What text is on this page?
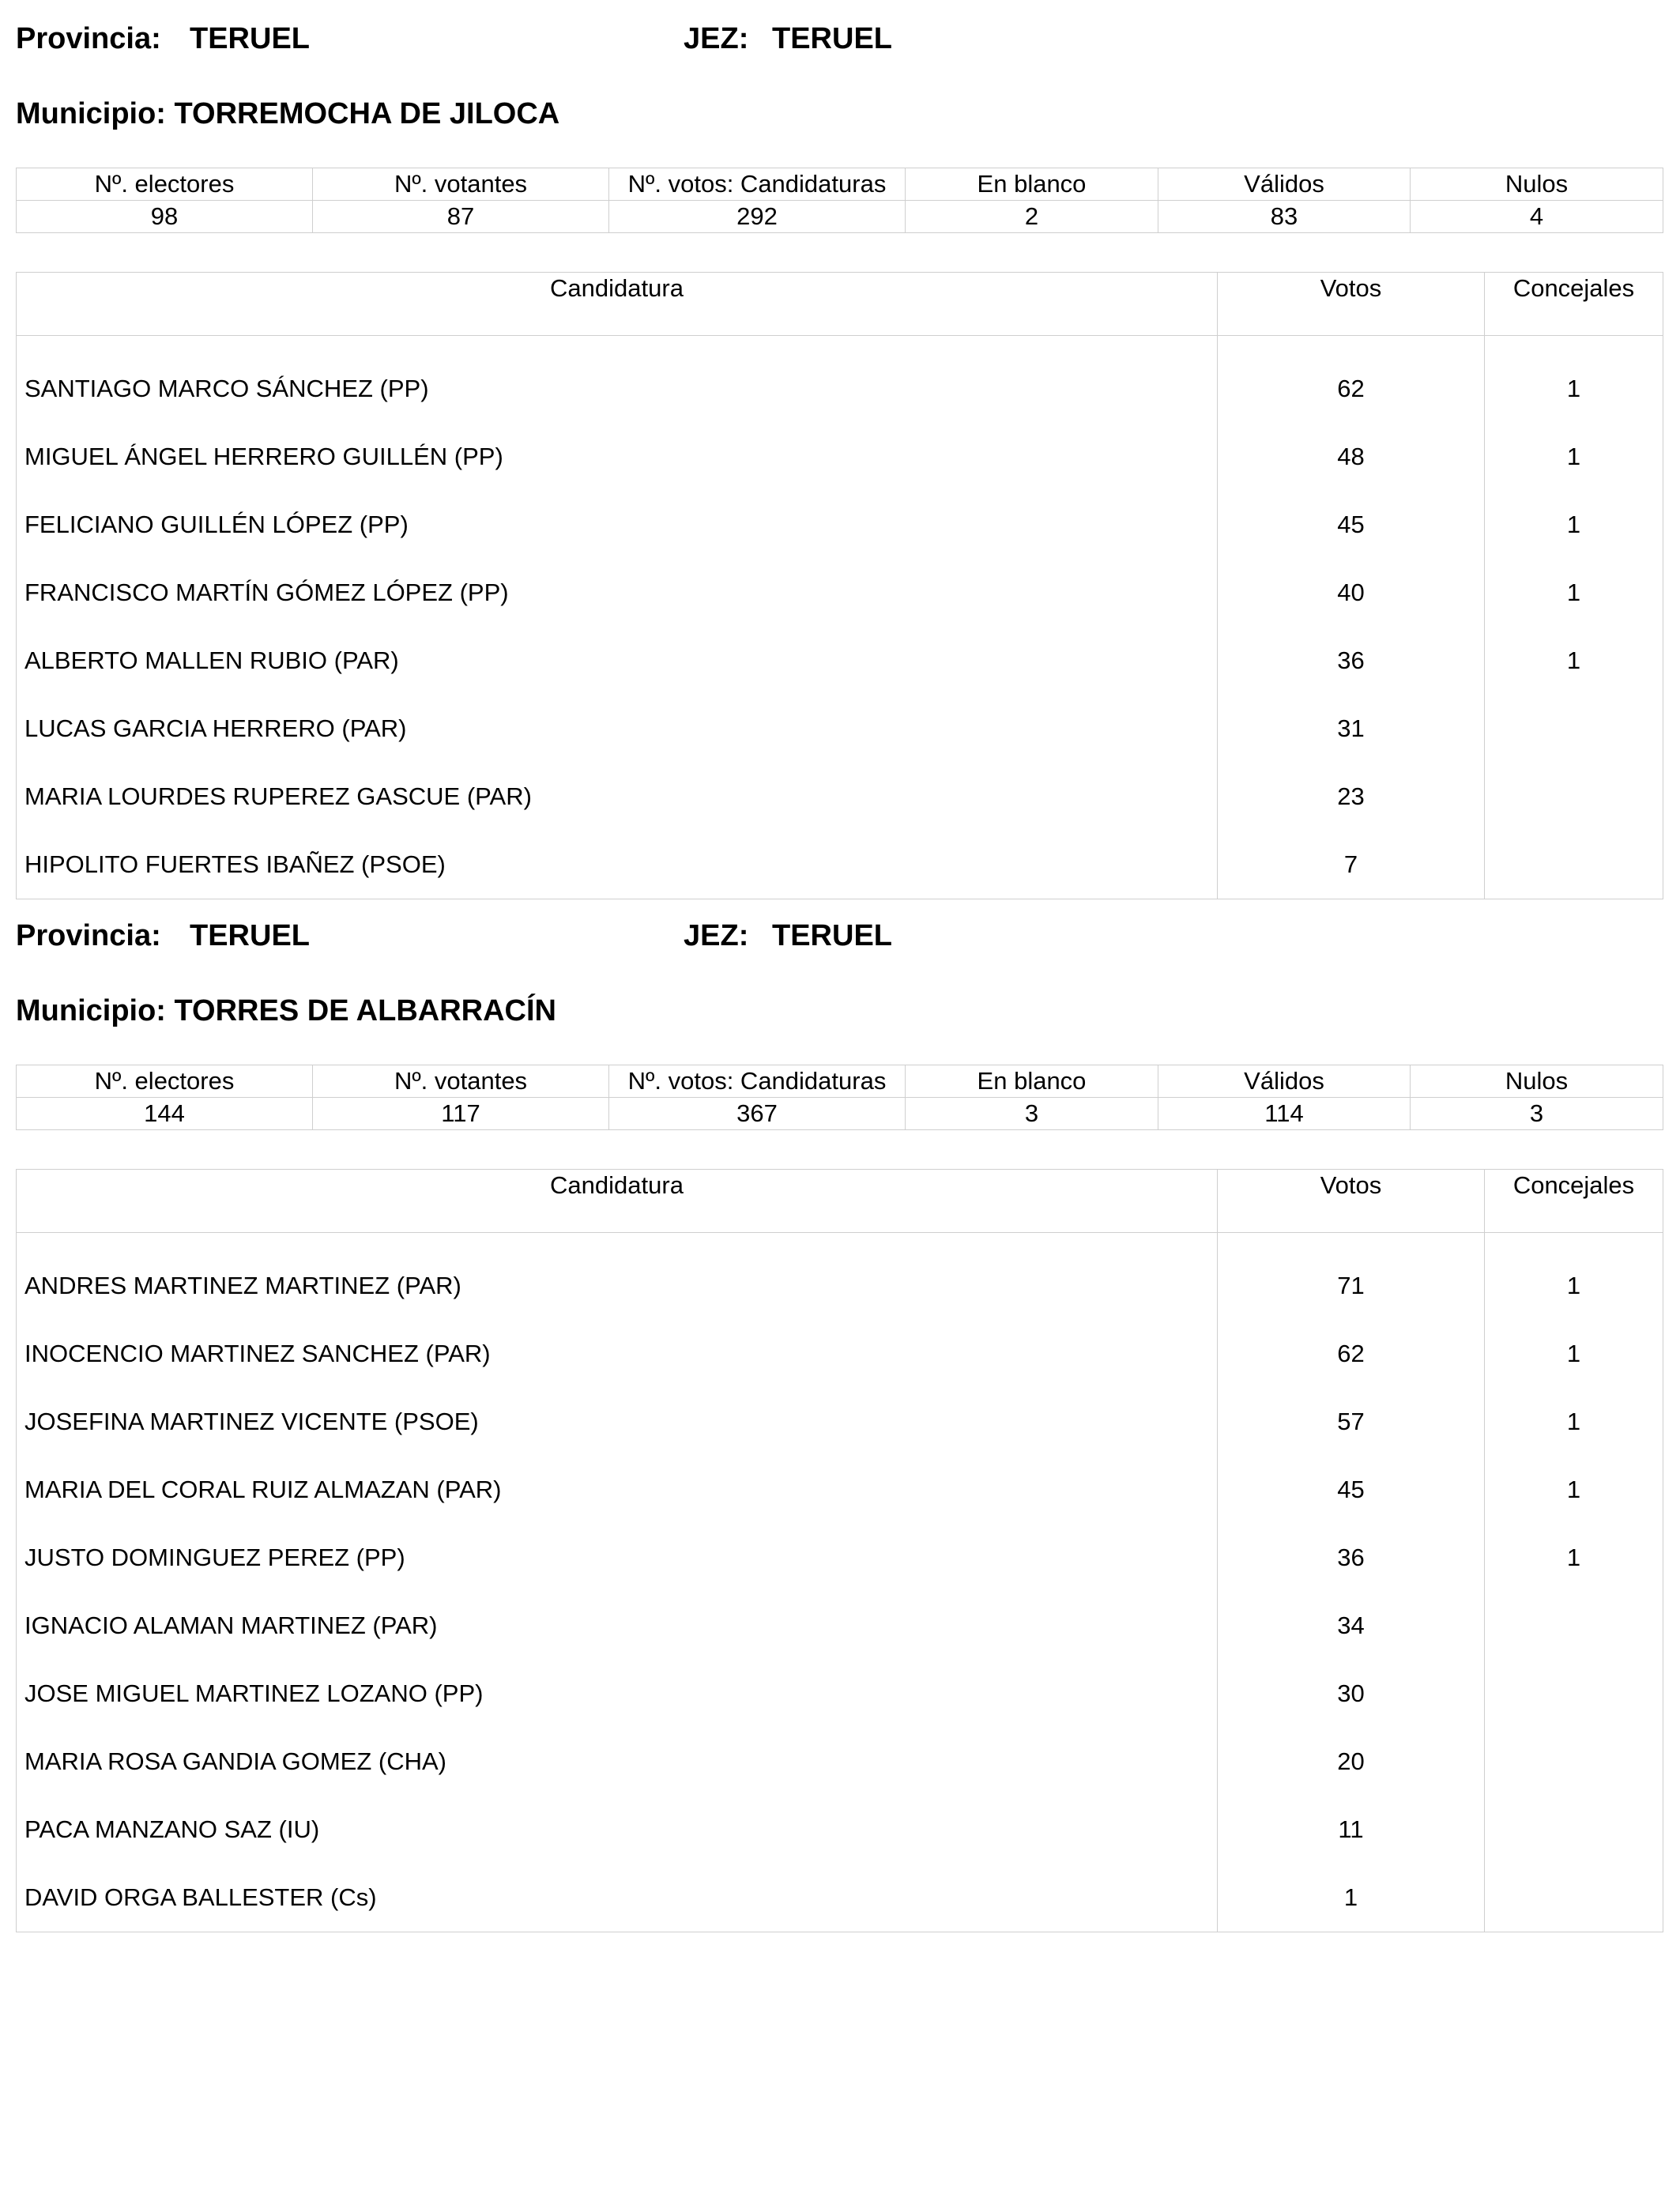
Provincia: TERUEL	JEZ: TERUEL
Municipio: TORREMOCHA DE JILOCA
Nº. electores	Nº. votantes	Nº. votos: Candidaturas	En blanco	Válidos	Nulos
98	87	292	2	83	4
Candidatura	Votos	Concejales
SANTIAGO MARCO SÁNCHEZ (PP)	62	1
MIGUEL ÁNGEL HERRERO GUILLÉN (PP)	48	1
FELICIANO GUILLÉN LÓPEZ (PP)	45	1
FRANCISCO MARTÍN GÓMEZ LÓPEZ (PP)	40	1
ALBERTO MALLEN RUBIO (PAR)	36	1
LUCAS GARCIA HERRERO (PAR)	31	
MARIA LOURDES RUPEREZ GASCUE (PAR)	23	
HIPOLITO FUERTES IBAÑEZ (PSOE)	7	
Provincia: TERUEL	JEZ: TERUEL
Municipio: TORRES DE ALBARRACÍN
Nº. electores	Nº. votantes	Nº. votos: Candidaturas	En blanco	Válidos	Nulos
144	117	367	3	114	3
Candidatura	Votos	Concejales
ANDRES MARTINEZ MARTINEZ (PAR)	71	1
INOCENCIO MARTINEZ SANCHEZ (PAR)	62	1
JOSEFINA MARTINEZ VICENTE (PSOE)	57	1
MARIA DEL CORAL RUIZ ALMAZAN (PAR)	45	1
JUSTO DOMINGUEZ PEREZ (PP)	36	1
IGNACIO ALAMAN MARTINEZ (PAR)	34	
JOSE MIGUEL MARTINEZ LOZANO (PP)	30	
MARIA ROSA GANDIA GOMEZ (CHA)	20	
PACA MANZANO SAZ (IU)	11	
DAVID ORGA BALLESTER (Cs)	1	
